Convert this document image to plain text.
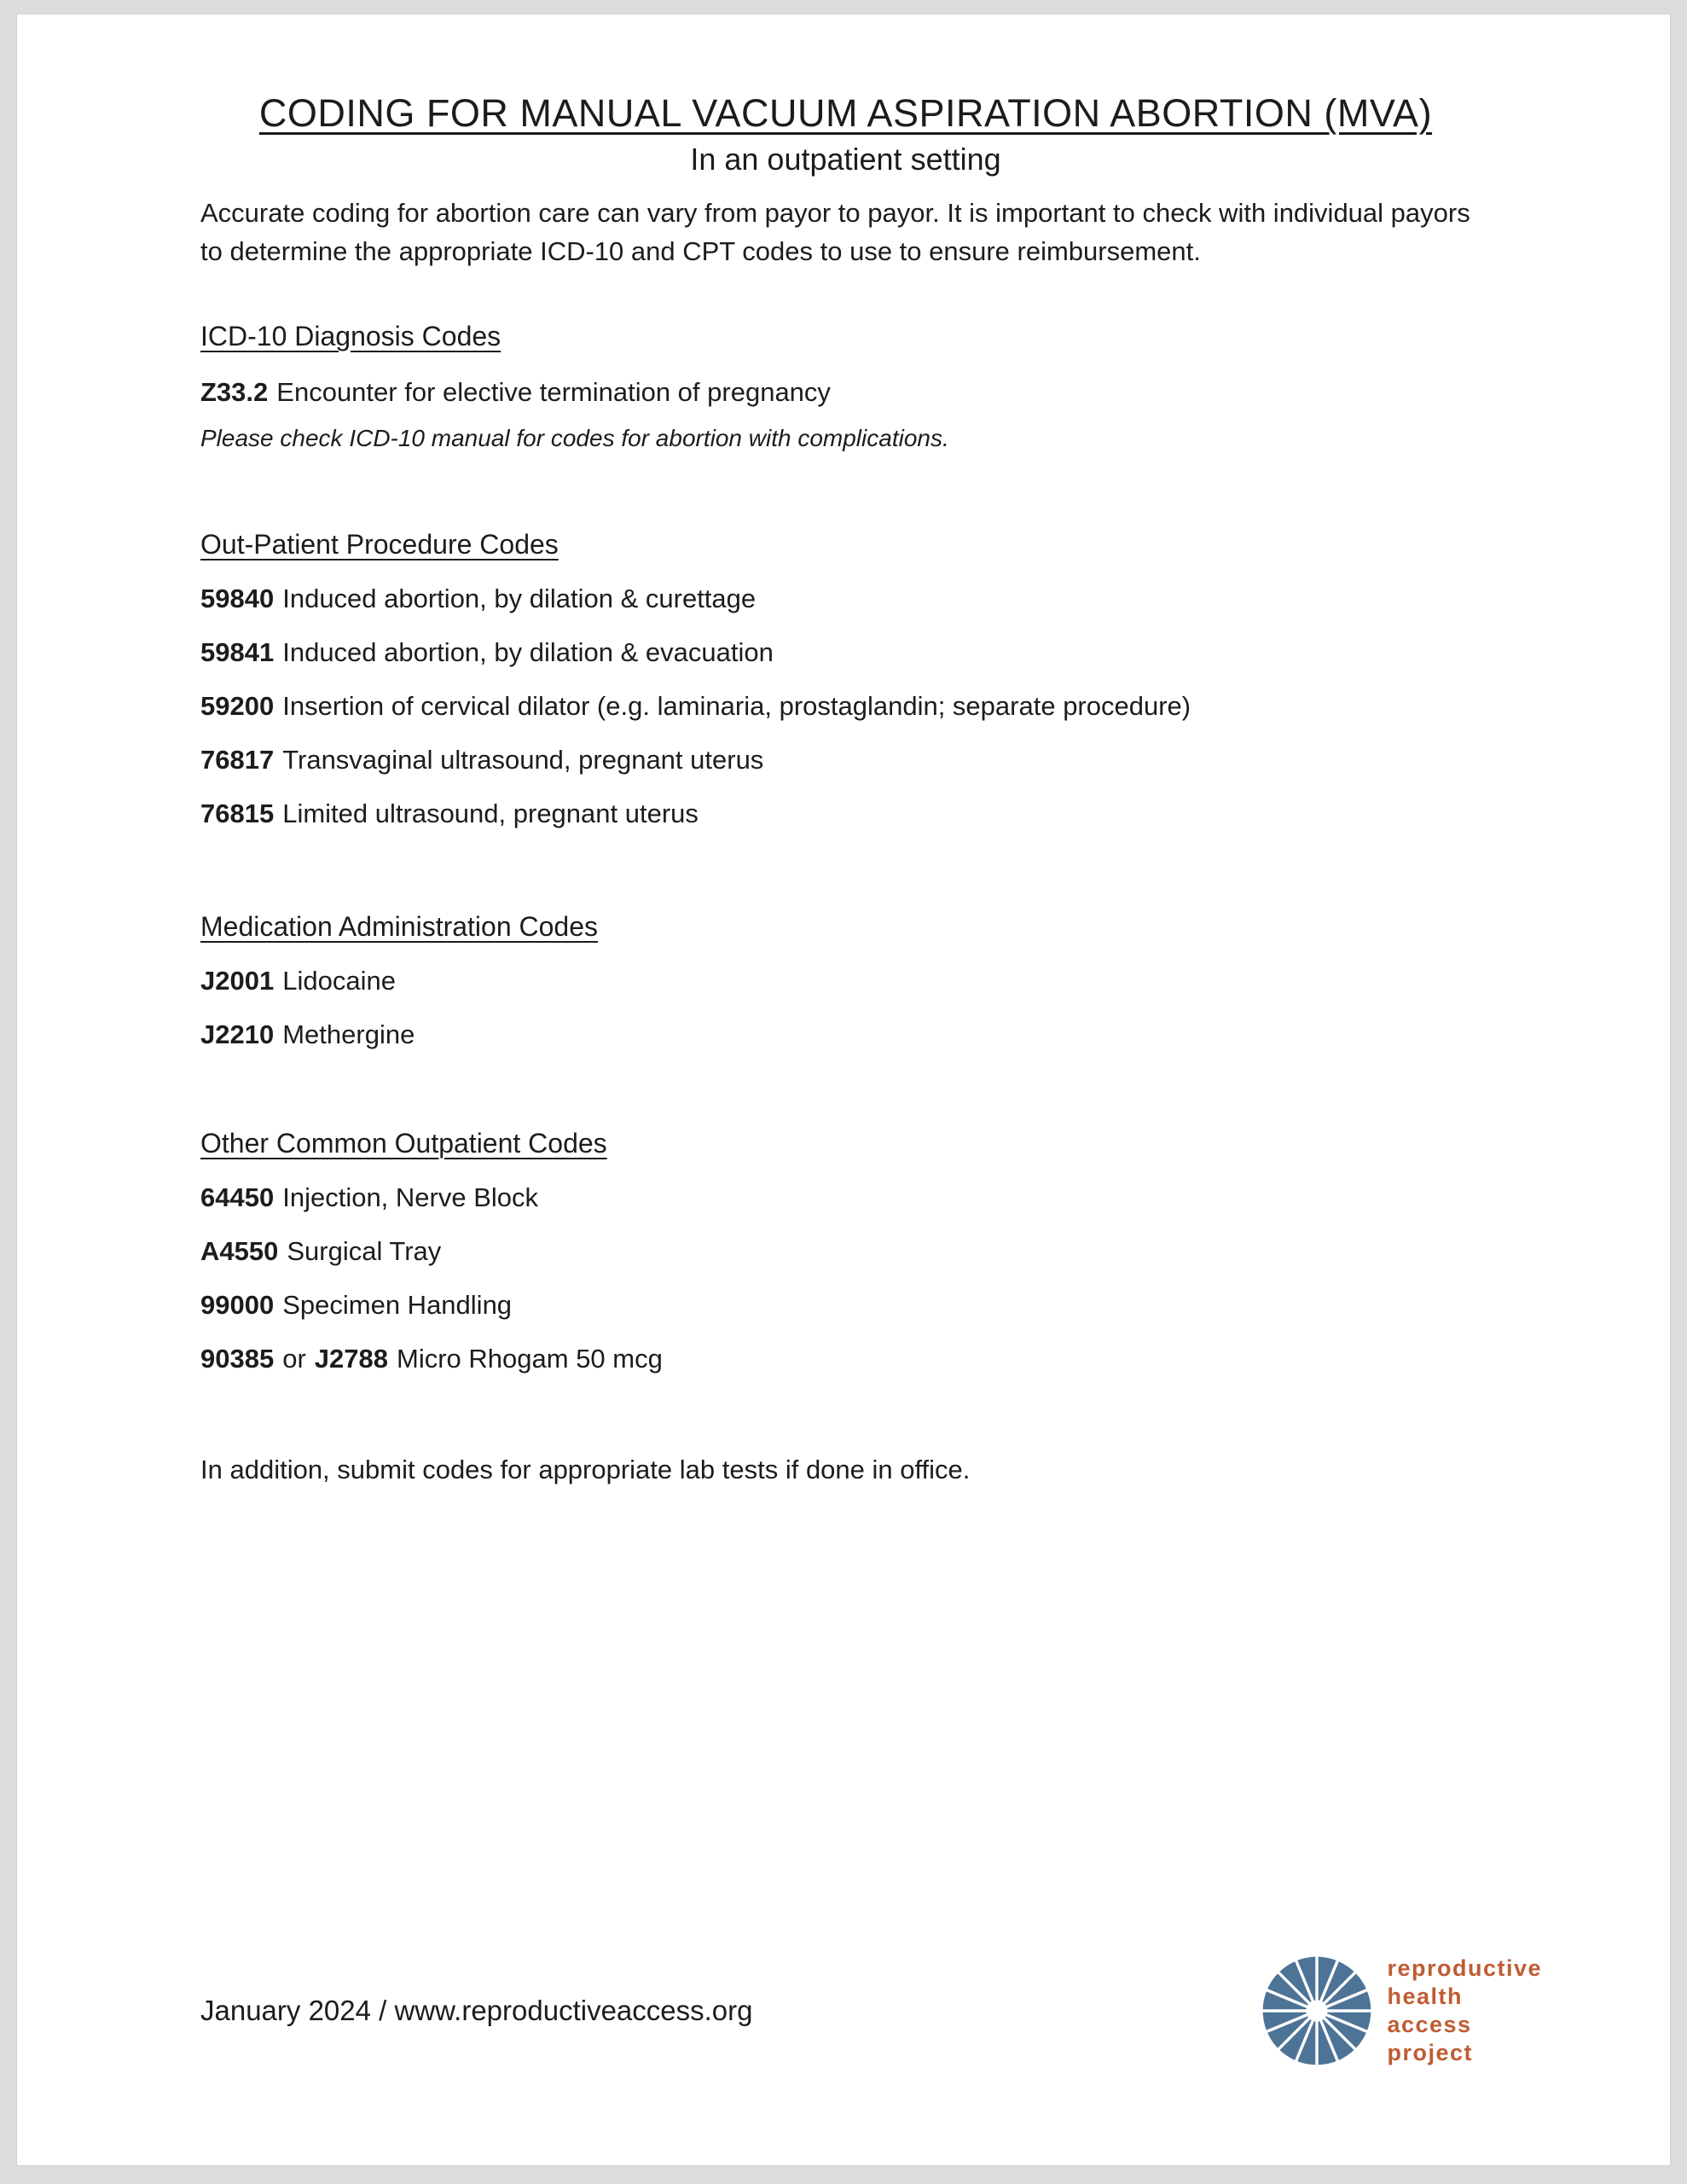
CODING FOR MANUAL VACUUM ASPIRATION ABORTION (MVA)
In an outpatient setting

Accurate coding for abortion care can vary from payor to payor. It is important to check with individual payors to determine the appropriate ICD-10 and CPT codes to use to ensure reimbursement.

ICD-10 Diagnosis Codes
Z33.2 Encounter for elective termination of pregnancy
Please check ICD-10 manual for codes for abortion with complications.
Out-Patient Procedure Codes
59840 Induced abortion, by dilation & curettage
59841 Induced abortion, by dilation & evacuation
59200 Insertion of cervical dilator (e.g. laminaria, prostaglandin; separate procedure)
76817 Transvaginal ultrasound, pregnant uterus
76815 Limited ultrasound, pregnant uterus
Medication Administration Codes
J2001 Lidocaine
J2210 Methergine
Other Common Outpatient Codes
64450 Injection, Nerve Block
A4550 Surgical Tray
99000 Specimen Handling
90385 or J2788 Micro Rhogam 50 mcg

In addition, submit codes for appropriate lab tests if done in office.

January 2024 / www.reproductiveaccess.org
reproductive
health
access
project
